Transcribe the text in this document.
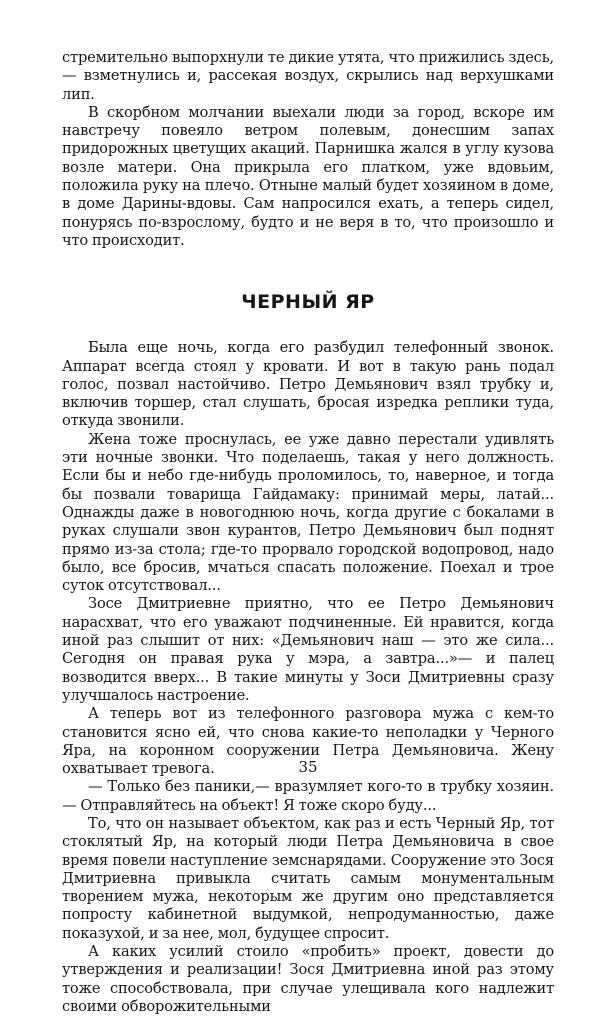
стремительно выпорхнули те дикие утята, что прижились здесь,— взметнулись и, рассекая воздух, скрылись над верхушками лип.

В скорбном молчании выехали люди за город, вскоре им навстречу повеяло ветром полевым, донесшим запах придорожных цветущих акаций. Парнишка жался в углу кузова возле матери. Она прикрыла его платком, уже вдовьим, положила руку на плечо. Отныне малый будет хозяином в доме, в доме Дарины-вдовы. Сам напросился ехать, а теперь сидел, понурясь по-взрослому, будто и не веря в то, что произошло и что происходит.

ЧЕРНЫЙ ЯР

Была еще ночь, когда его разбудил телефонный звонок. Аппарат всегда стоял у кровати. И вот в такую рань подал голос, позвал настойчиво. Петро Демьянович взял трубку и, включив торшер, стал слушать, бросая изредка реплики туда, откуда звонили.

Жена тоже проснулась, ее уже давно перестали удивлять эти ночные звонки. Что поделаешь, такая у него должность. Если бы и небо где-нибудь проломилось, то, наверное, и тогда бы позвали товарища Гайдамаку: принимай меры, латай... Однажды даже в новогоднюю ночь, когда другие с бокалами в руках слушали звон курантов, Петро Демьянович был поднят прямо из-за стола; где-то прорвало городской водопровод, надо было, все бросив, мчаться спасать положение. Поехал и трое суток отсутствовал...

Зосе Дмитриевне приятно, что ее Петро Демьянович нарасхват, что его уважают подчиненные. Ей нравится, когда иной раз слышит от них: «Демьянович наш — это же сила... Сегодня он правая рука у мэра, а завтра...»— и палец возводится вверх... В такие минуты у Зоси Дмитриевны сразу улучшалось настроение.

А теперь вот из телефонного разговора мужа с кем-то становится ясно ей, что снова какие-то неполадки у Черного Яра, на коронном сооружении Петра Демьяновича. Жену охватывает тревога.

— Только без паники,— вразумляет кого-то в трубку хозяин.— Отправляйтесь на объект! Я тоже скоро буду...

То, что он называет объектом, как раз и есть Черный Яр, тот стоклятый Яр, на который люди Петра Демьяновича в свое время повели наступление земснарядами. Сооружение это Зося Дмитриевна привыкла считать самым монументальным творением мужа, некоторым же другим оно представляется попросту кабинетной выдумкой, непродуманностью, даже показухой, и за нее, мол, будущее спросит.

А каких усилий стоило «пробить» проект, довести до утверждения и реализации! Зося Дмитриевна иной раз этому тоже способствовала, при случае улещивала кого надлежит своими обворожительными

35
